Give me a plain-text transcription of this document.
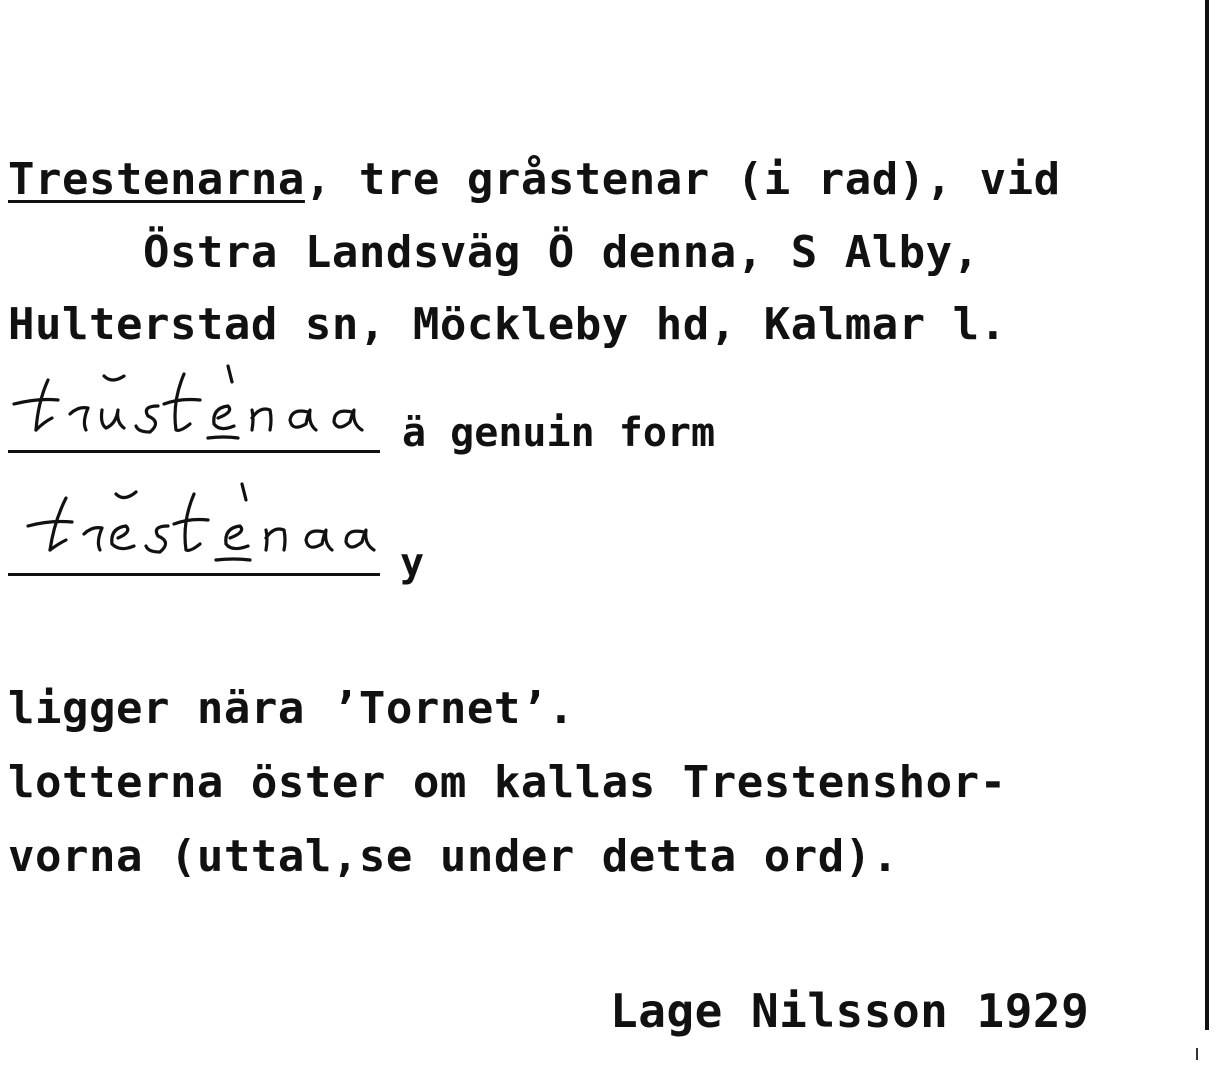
Trestenarna, tre gråstenar (i rad), vid
Östra Landsväg Ö denna, S Alby,
Hulterstad sn, Möckleby hd, Kalmar l.
ä genuin form
y
ligger nära ’Tornet’.
lotterna öster om kallas Trestenshor-
vorna (uttal,se under detta ord).
Lage Nilsson 1929
